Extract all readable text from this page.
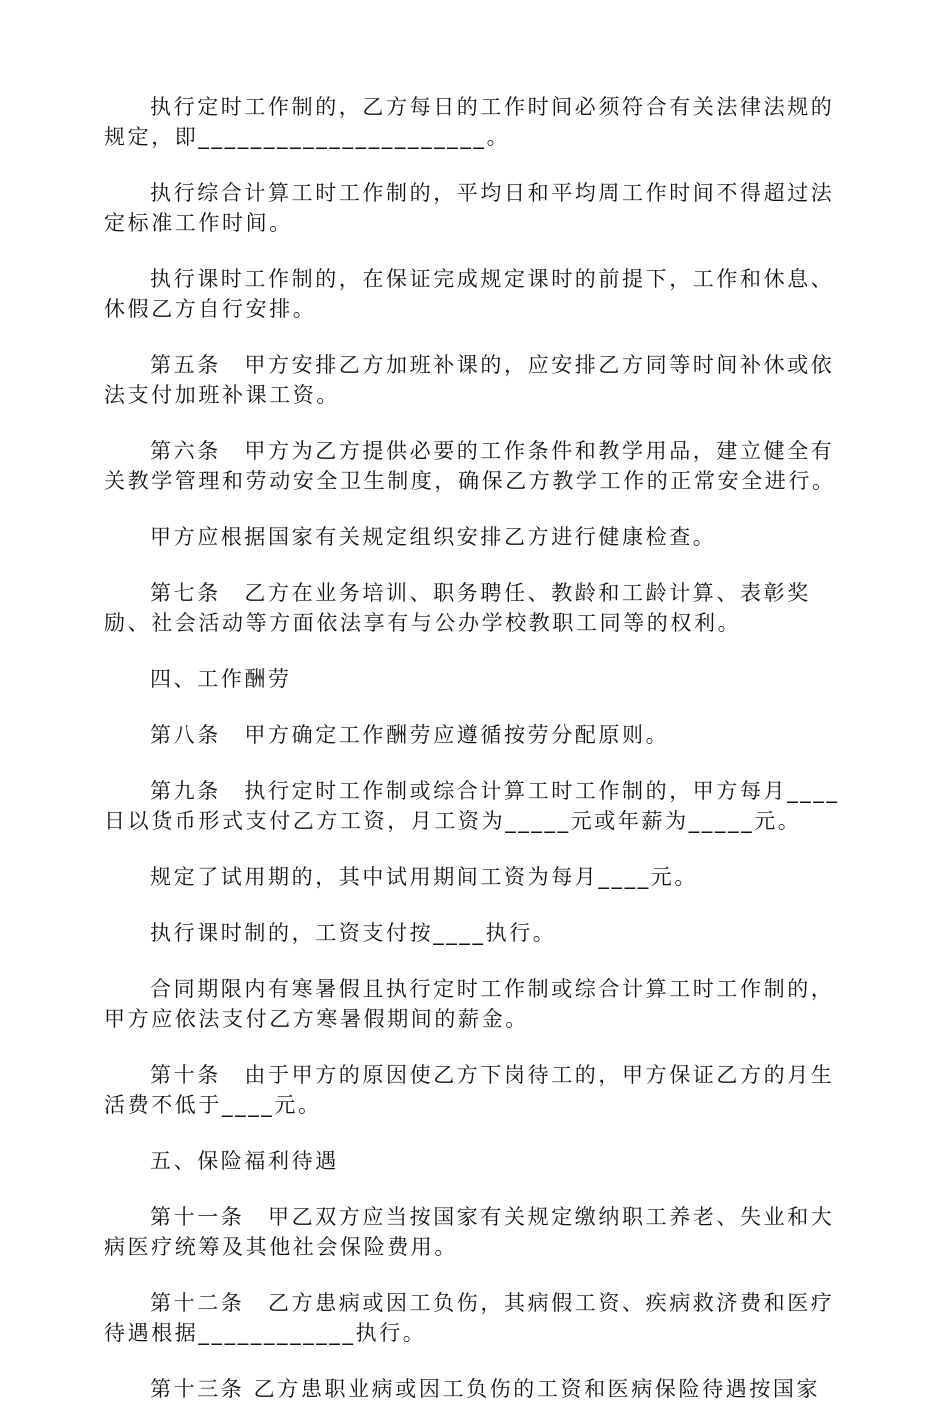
执行定时工作制的，乙方每日的工作时间必须符合有关法律法规的规定，即______________________。

执行综合计算工时工作制的，平均日和平均周工作时间不得超过法定标准工作时间。

执行课时工作制的，在保证完成规定课时的前提下，工作和休息、休假乙方自行安排。

第五条　甲方安排乙方加班补课的，应安排乙方同等时间补休或依法支付加班补课工资。

第六条　甲方为乙方提供必要的工作条件和教学用品，建立健全有关教学管理和劳动安全卫生制度，确保乙方教学工作的正常安全进行。

甲方应根据国家有关规定组织安排乙方进行健康检查。

第七条　乙方在业务培训、职务聘任、教龄和工龄计算、表彰奖励、社会活动等方面依法享有与公办学校教职工同等的权利。

四、工作酬劳

第八条　甲方确定工作酬劳应遵循按劳分配原则。

第九条　执行定时工作制或综合计算工时工作制的，甲方每月____日以货币形式支付乙方工资，月工资为_____元或年薪为_____元。

规定了试用期的，其中试用期间工资为每月____元。

执行课时制的，工资支付按____执行。

合同期限内有寒暑假且执行定时工作制或综合计算工时工作制的，甲方应依法支付乙方寒暑假期间的薪金。

第十条　由于甲方的原因使乙方下岗待工的，甲方保证乙方的月生活费不低于____元。

五、保险福利待遇

第十一条　甲乙双方应当按国家有关规定缴纳职工养老、失业和大病医疗统筹及其他社会保险费用。

第十二条　乙方患病或因工负伤，其病假工资、疾病救济费和医疗待遇根据____________执行。

第十三条 乙方患职业病或因工负伤的工资和医病保险待遇按国家
